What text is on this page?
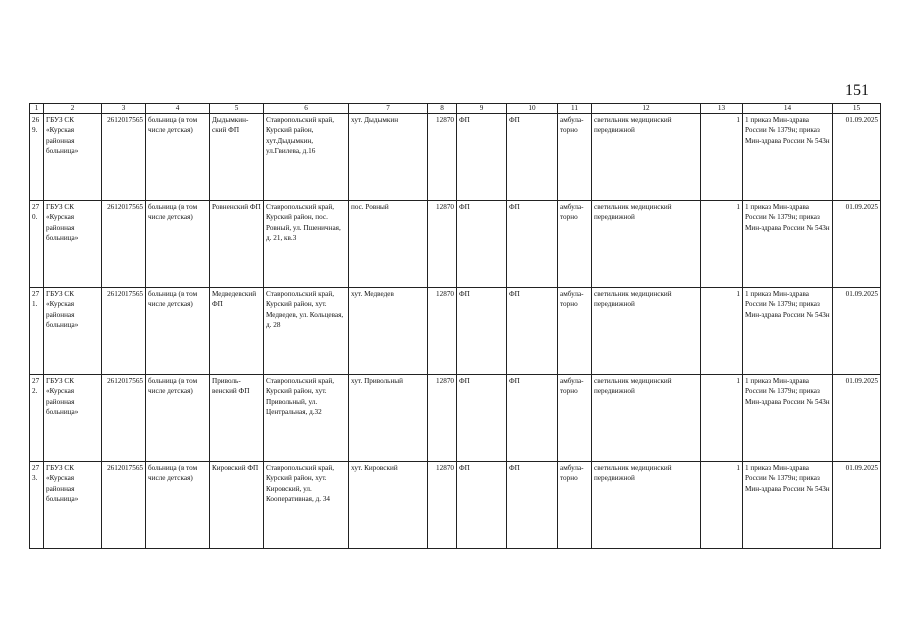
151
1	2	3	4	5	6	7	8	9	10	11	12	13	14	15
269.	ГБУЗ СК «Курская районная больница»	2612017565	больница (в том числе детская)	Дыдымкин-ский ФП	Ставропольский край, Курский район, хут.Дыдымкин, ул.Гвилева, д.16	хут. Дыдымкин	12870	ФП	ФП	амбула-торно	светильник медицинский передвижной	1	1 приказ Мин-здрава России № 1379н; приказ Мин-здрава России № 543н	01.09.2025
270.	ГБУЗ СК «Курская районная больница»	2612017565	больница (в том числе детская)	Ровненский ФП	Ставропольский край, Курский район, пос. Ровный, ул. Пшеничная, д. 21, кв.3	пос. Ровный	12870	ФП	ФП	амбула-торно	светильник медицинский передвижной	1	1 приказ Мин-здрава России № 1379н; приказ Мин-здрава России № 543н	01.09.2025
271.	ГБУЗ СК «Курская районная больница»	2612017565	больница (в том числе детская)	Медведевский ФП	Ставропольский край, Курский район, хут. Медведев, ул. Кольцевая, д. 28	хут. Медведев	12870	ФП	ФП	амбула-торно	светильник медицинский передвижной	1	1 приказ Мин-здрава России № 1379н; приказ Мин-здрава России № 543н	01.09.2025
272.	ГБУЗ СК «Курская районная больница»	2612017565	больница (в том числе детская)	Приволь-венский ФП	Ставропольский край, Курский район, хут. Привольный, ул. Центральная, д.32	хут. Привольный	12870	ФП	ФП	амбула-торно	светильник медицинский передвижной	1	1 приказ Мин-здрава России № 1379н; приказ Мин-здрава России № 543н	01.09.2025
273.	ГБУЗ СК «Курская районная больница»	2612017565	больница (в том числе детская)	Кировский ФП	Ставропольский край, Курский район, хут. Кировский, ул. Кооперативная, д. 34	хут. Кировский	12870	ФП	ФП	амбула-торно	светильник медицинский передвижной	1	1 приказ Мин-здрава России № 1379н; приказ Мин-здрава России № 543н	01.09.2025
